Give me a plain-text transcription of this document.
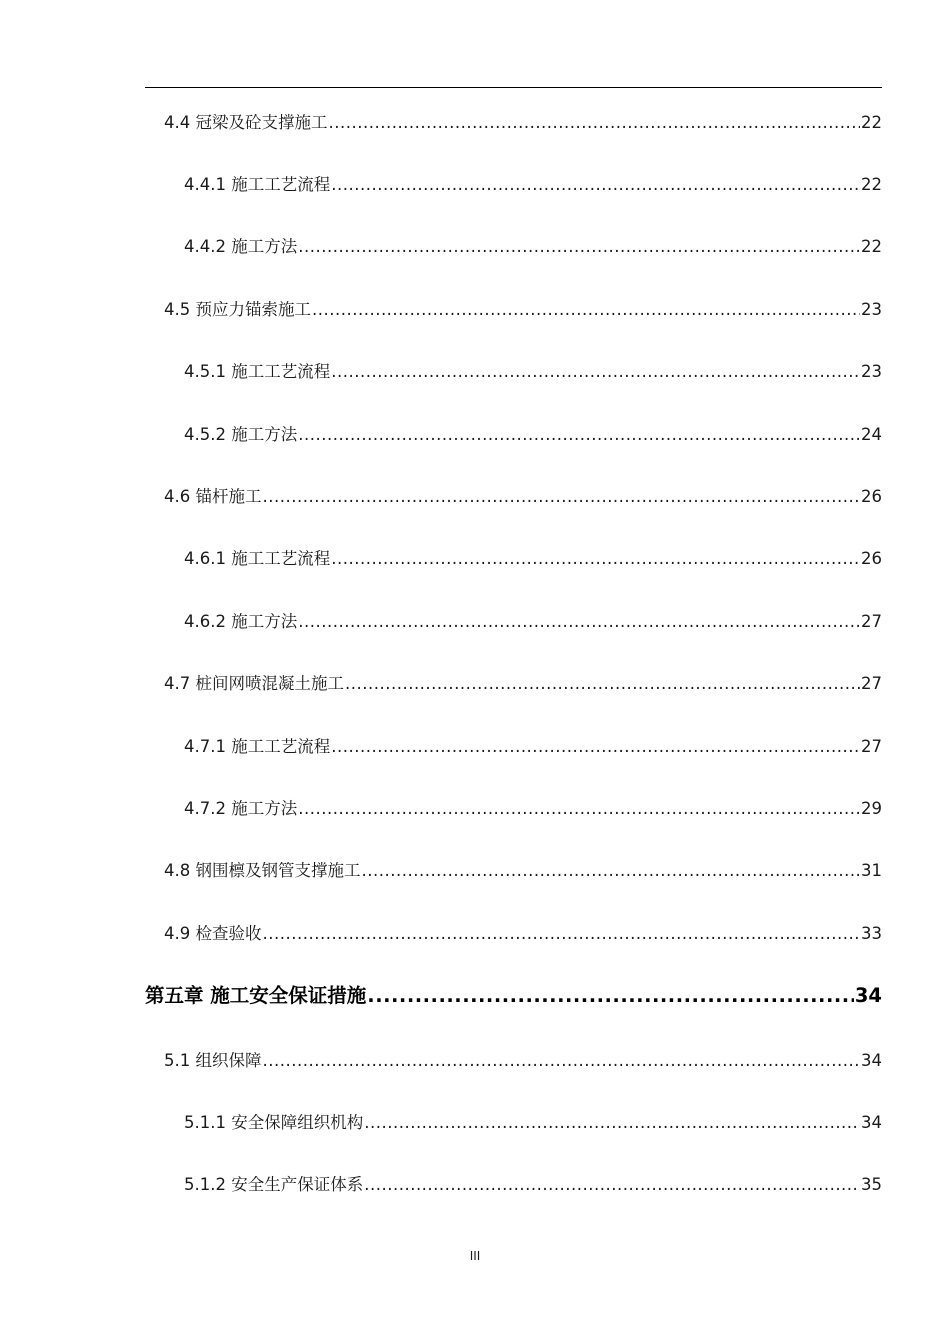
4.4 冠梁及砼支撑施工 .....	22
4.4.1 施工工艺流程 .....	22
4.4.2 施工方法 .....	22
4.5 预应力锚索施工 .....	23
4.5.1 施工工艺流程 .....	23
4.5.2 施工方法 .....	24
4.6 锚杆施工 .....	26
4.6.1 施工工艺流程 .....	26
4.6.2 施工方法 .....	27
4.7 桩间网喷混凝土施工 .....	27
4.7.1 施工工艺流程 .....	27
4.7.2 施工方法 .....	29
4.8 钢围檩及钢管支撑施工 .....	31
4.9 检查验收 .....	33
第五章 施工安全保证措施 .....	34
5.1 组织保障 .....	34
5.1.1 安全保障组织机构 .....	34
5.1.2 安全生产保证体系 .....	35
III
